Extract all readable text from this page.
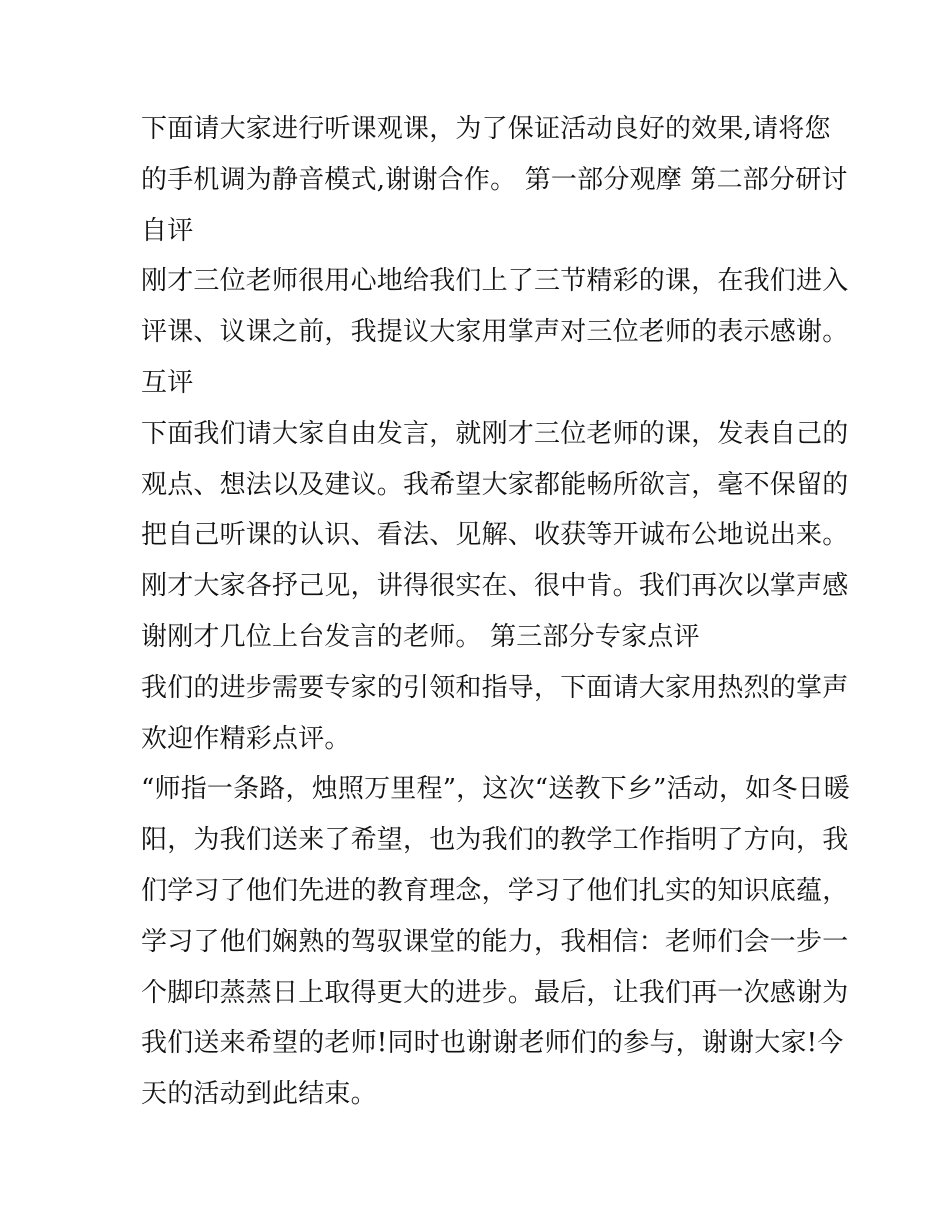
下面请大家进行听课观课，为了保证活动良好的效果,请将您
的手机调为静音模式,谢谢合作。 第一部分观摩 第二部分研讨
自评
刚才三位老师很用心地给我们上了三节精彩的课，在我们进入
评课、议课之前，我提议大家用掌声对三位老师的表示感谢。
互评
下面我们请大家自由发言，就刚才三位老师的课，发表自己的
观点、想法以及建议。我希望大家都能畅所欲言，毫不保留的
把自己听课的认识、看法、见解、收获等开诚布公地说出来。
刚才大家各抒己见，讲得很实在、很中肯。我们再次以掌声感
谢刚才几位上台发言的老师。 第三部分专家点评
我们的进步需要专家的引领和指导，下面请大家用热烈的掌声
欢迎作精彩点评。
“师指一条路，烛照万里程”，这次“送教下乡”活动，如冬日暖
阳，为我们送来了希望，也为我们的教学工作指明了方向，我
们学习了他们先进的教育理念，学习了他们扎实的知识底蕴，
学习了他们娴熟的驾驭课堂的能力，我相信：老师们会一步一
个脚印蒸蒸日上取得更大的进步。最后，让我们再一次感谢为
我们送来希望的老师!同时也谢谢老师们的参与，谢谢大家!今
天的活动到此结束。
